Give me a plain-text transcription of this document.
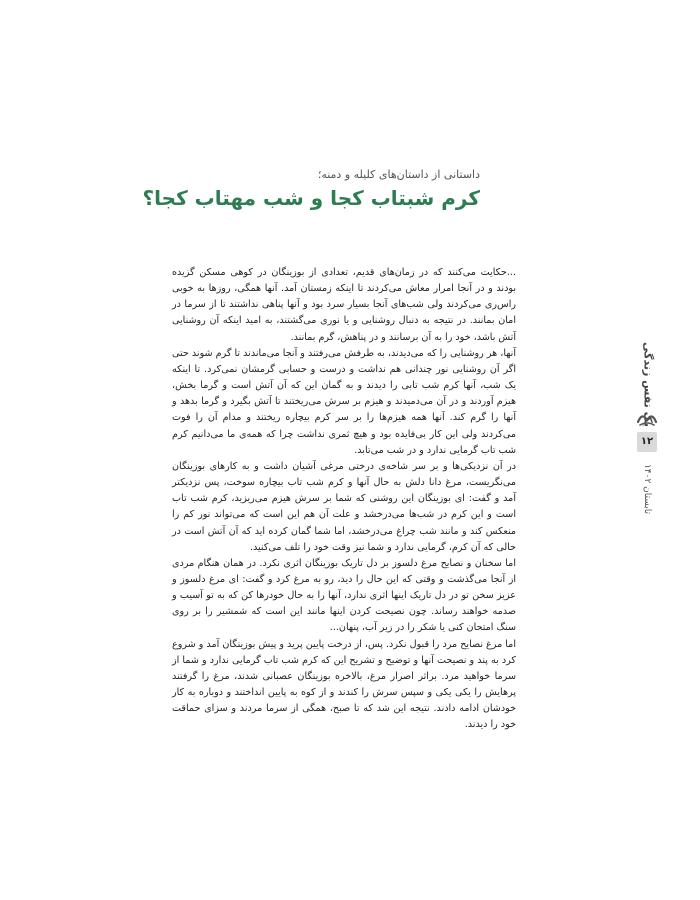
داستانی از داستان‌های کلیله و دمنه؛
کرم شبتاب کجا و شب مهتاب کجا؟

...حکایت می‌کنند که در زمان‌های قدیم، تعدادی از بوزینگان در کوهی مسکن گزیده بودند و در آنجا امرار معاش می‌کردند تا اینکه زمستان آمد. آنها همگی، روزها به خوبی راس‌ری می‌کردند ولی شب‌های آنجا بسیار سرد بود و آنها پناهی نداشتند تا از سرما در امان بمانند. در نتیجه به دنبال روشنایی و یا نوری می‌گشتند، به امید اینکه آن روشنایی آتش باشد، خود را به آن برسانند و در پناهش، گرم بمانند.

آنها، هر روشنایی را که می‌دیدند، به طرفش می‌رفتند و آنجا می‌ماندند تا گرم شوند حتی اگر آن روشنایی نور چندانی هم نداشت و درست و حسابی گرمشان نمی‌کرد. تا اینکه یک شب، آنها کرم شب تابی را دیدند و به گمان این که آن آتش است و گرما بخش، هیزم آوردند و در آن می‌دمیدند و هیزم بر سرش می‌ریختند تا آتش بگیرد و گرما بدهد و آنها را گرم کند. آنها همه هیزم‌ها را بر سر کرم بیچاره ریختند و مدام آن را فوت می‌کردند ولی این کار بی‌فایده بود و هیچ ثمری نداشت چرا که همه‌ی ما می‌دانیم کرم شب تاب گرمایی ندارد و در شب می‌تابد.

در آن نزدیکی‌ها و بر سر شاخه‌ی درختی مرغی آشیان داشت و به کارهای بوزینگان می‌نگریست، مرغ دانا دلش به حال آنها و کرم شب تاب بیچاره سوخت، پس نزدیکتر آمد و گفت: ای بوزینگان این روشنی که شما بر سرش هیزم می‌ریزید، کرم شب تاب است و این کرم در شب‌ها می‌درخشد و علت آن هم این است که می‌تواند نور کم را منعکس کند و مانند شب چراغ می‌درخشد، اما شما گمان کرده اید که آن آتش است در حالی که آن کرم، گرمایی ندارد و شما نیز وقت خود را تلف می‌کنید.

اما سخنان و نصایح مرغ دلسوز بر دل تاریک بوزینگان اثری نکرد. در همان هنگام مردی از آنجا می‌گذشت و وقتی که این حال را دید، رو به مرغ کرد و گفت: ای مرغ دلسوز و عزیز سخن تو در دل تاریک اینها اثری ندارد، آنها را به حال خودرها کن که به تو آسیب و صدمه خواهند رساند. چون نصیحت کردن اینها مانند این است که شمشیر را بر روی سنگ امتحان کنی یا شکر را در زیر آب، پنهان...

اما مرغ نصایح مرد را قبول نکرد. پس، از درخت پایین پرید و پیش بوزینگان آمد و شروع کرد به پند و نصیحت آنها و توضیح و تشریح این که کرم شب تاب گرمایی ندارد و شما از سرما خواهید مرد. براثر اصرار مرغ، بالاخره بوزینگان عصبانی شدند، مرغ را گرفتند پرهایش را یکی یکی و سپس سرش را کندند و از کوه به پایین انداختند و دوباره به کار خودشان ادامه دادند. نتیجه این شد که تا صبح، همگی از سرما مردند و سزای حماقت خود را دیدند.

یک نفس زندگی
۱۲
تابستان ۱۴۰۲
